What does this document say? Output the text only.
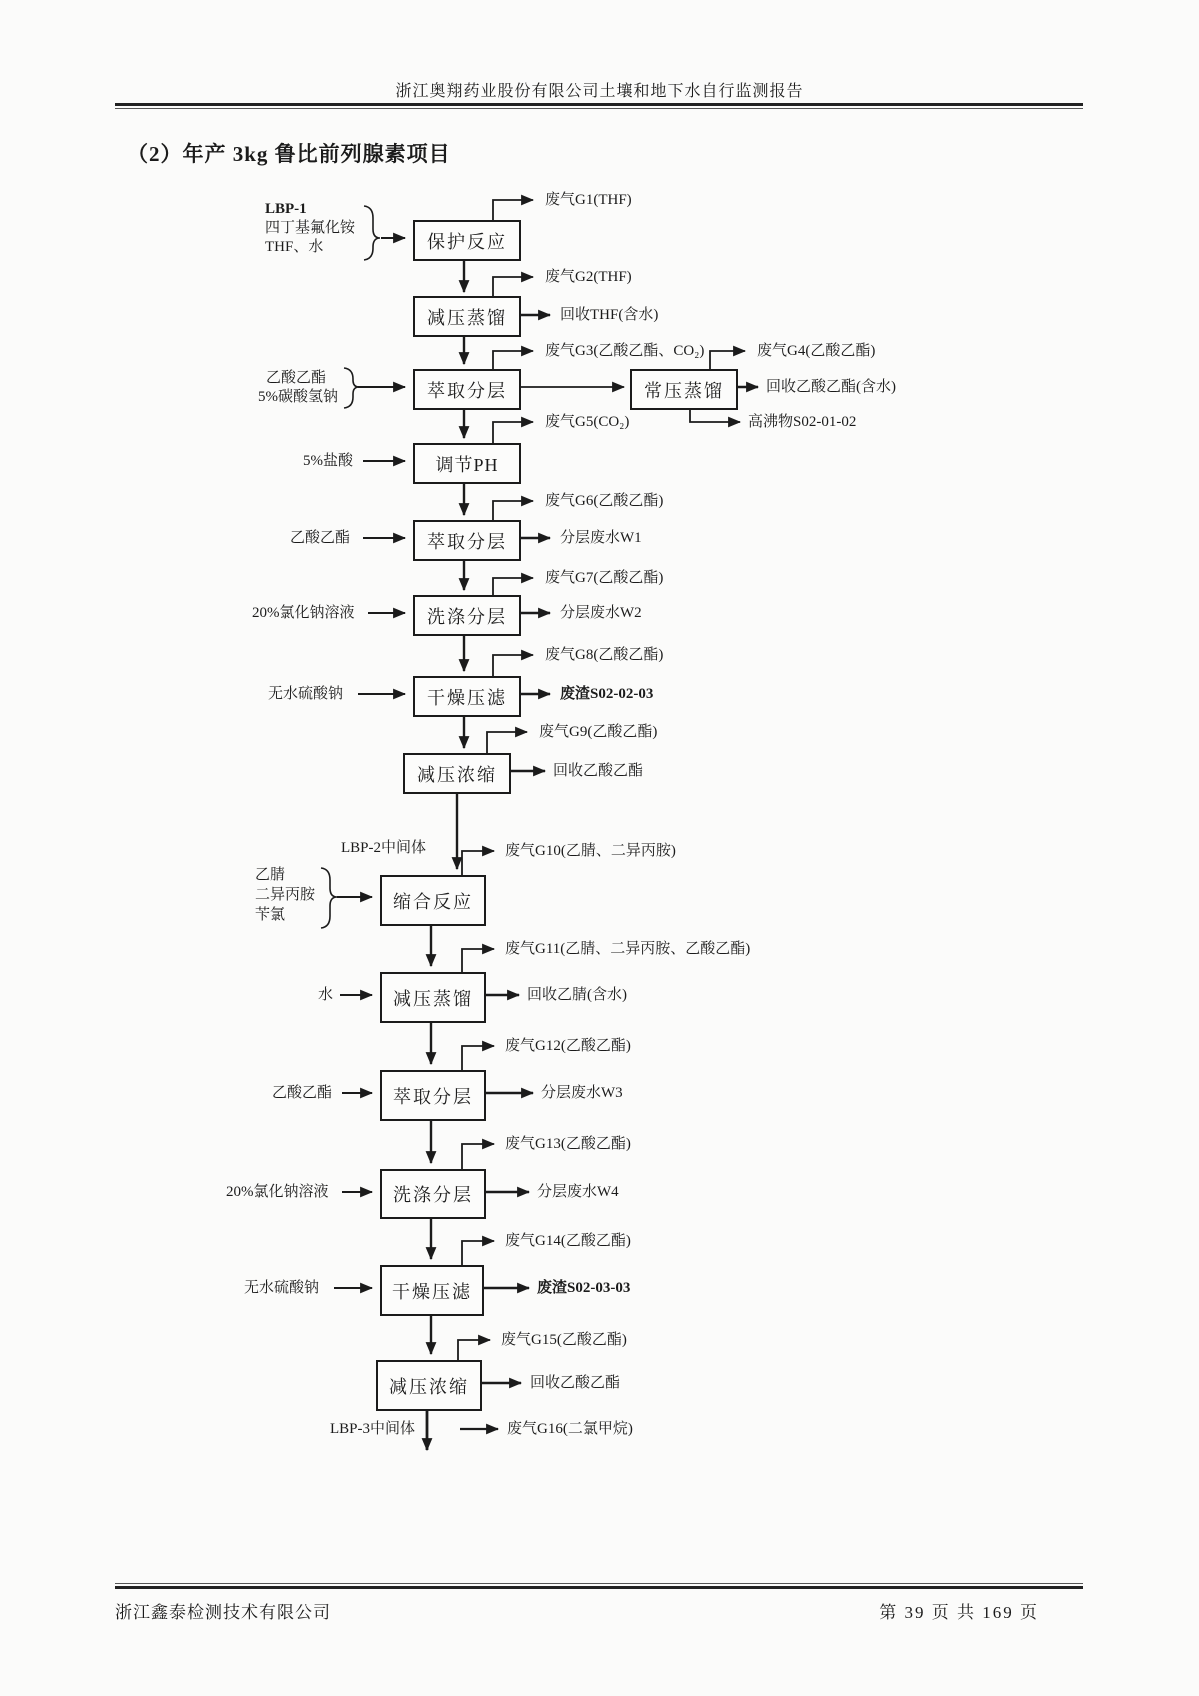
浙江奥翔药业股份有限公司土壤和地下水自行监测报告
（2）年产 3kg 鲁比前列腺素项目
保护反应
减压蒸馏
萃取分层	常压蒸馏
调节PH
萃取分层
洗涤分层
干燥压滤
减压浓缩
缩合反应
减压蒸馏
萃取分层
洗涤分层
干燥压滤
减压浓缩
LBP-1
四丁基氟化铵
THF、水
乙酸乙酯
5%碳酸氢钠
5%盐酸
乙酸乙酯
20%氯化钠溶液
无水硫酸钠
乙腈
二异丙胺
苄氯
水
乙酸乙酯
20%氯化钠溶液
无水硫酸钠
LBP-2中间体
LBP-3中间体
废气G1(THF)
废气G2(THF)
废气G3(乙酸乙酯、CO₂)	废气G4(乙酸乙酯)
废气G5(CO₂)
废气G6(乙酸乙酯)
废气G7(乙酸乙酯)
废气G8(乙酸乙酯)
废气G9(乙酸乙酯)
废气G10(乙腈、二异丙胺)
废气G11(乙腈、二异丙胺、乙酸乙酯)
废气G12(乙酸乙酯)
废气G13(乙酸乙酯)
废气G14(乙酸乙酯)
废气G15(乙酸乙酯)
废气G16(二氯甲烷)
回收THF(含水)
回收乙酸乙酯(含水)
高沸物S02-01-02
分层废水W1
分层废水W2
废渣S02-02-03
回收乙酸乙酯
回收乙腈(含水)
分层废水W3
分层废水W4
废渣S02-03-03
回收乙酸乙酯
浙江鑫泰检测技术有限公司	第 39 页 共 169 页
